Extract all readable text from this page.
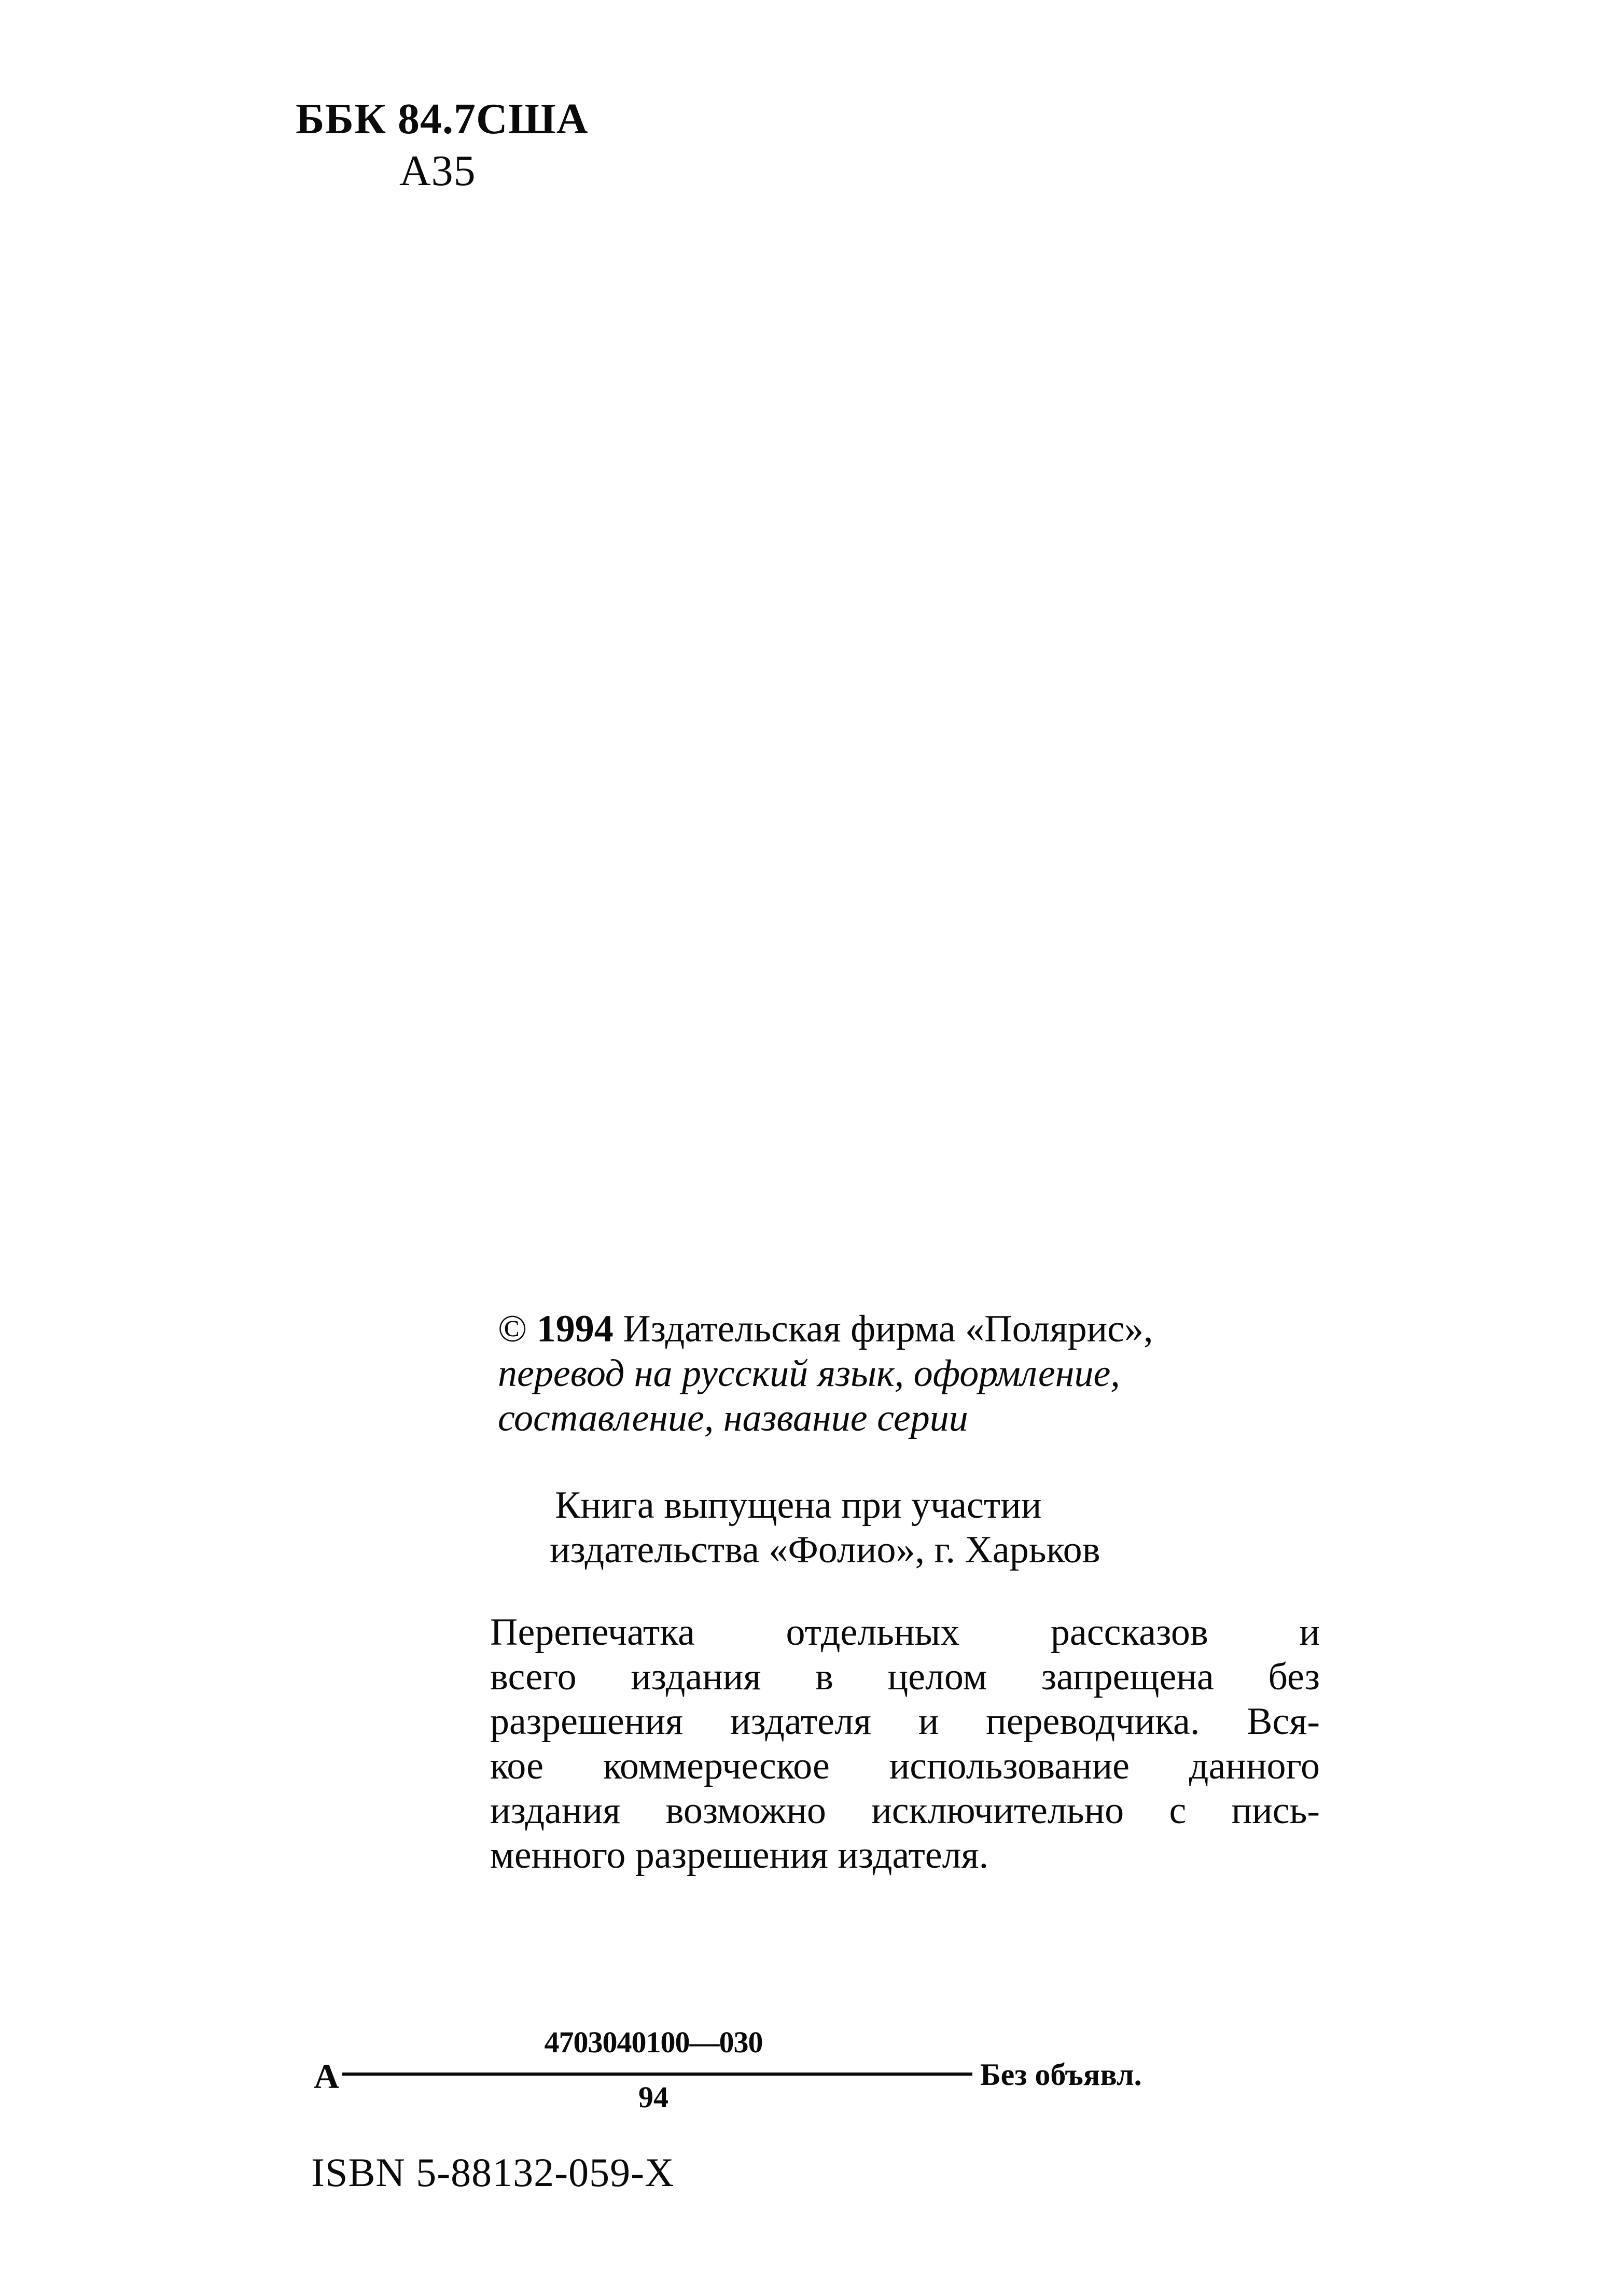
ББК 84.7США
А35
© 1994 Издательская фирма «Полярис»,
перевод на русский язык, оформление,
составление, название серии
Книга выпущена при участии
издательства «Фолио», г. Харьков
Перепечатка отдельных рассказов и
всего издания в целом запрещена без
разрешения издателя и переводчика. Вся-
кое коммерческое использование данного
издания возможно исключительно с пись-
менного разрешения издателя.
А
4703040100—030
94
Без объявл.
ISBN 5-88132-059-X
